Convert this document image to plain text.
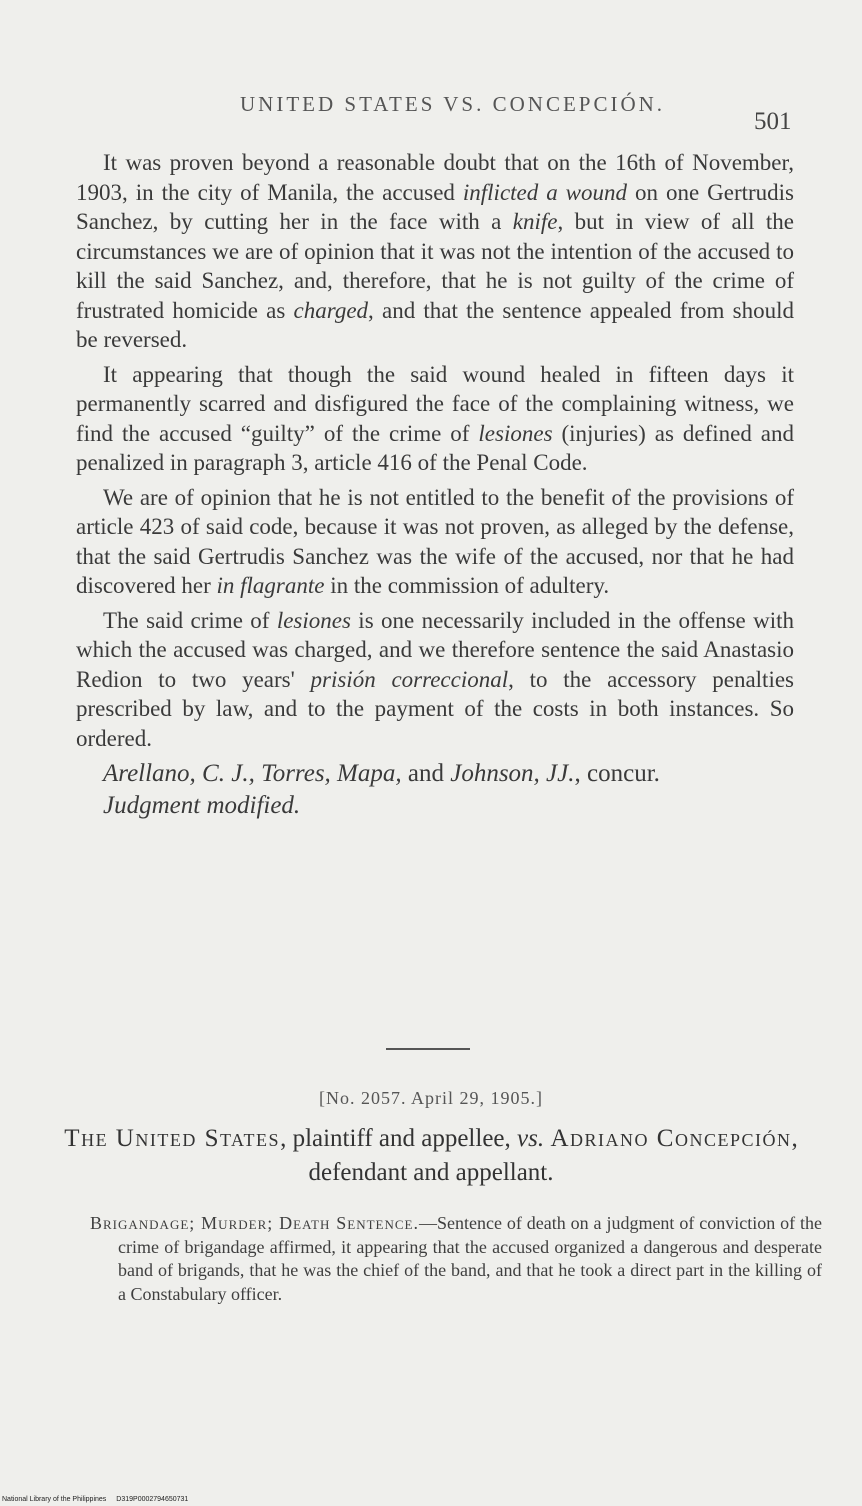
UNITED STATES VS. CONCEPCIÓN.
501

It was proven beyond a reasonable doubt that on the 16th of November, 1903, in the city of Manila, the accused inflicted a wound on one Gertrudis Sanchez, by cutting her in the face with a knife, but in view of all the circumstances we are of opinion that it was not the intention of the accused to kill the said Sanchez, and, therefore, that he is not guilty of the crime of frustrated homicide as charged, and that the sentence appealed from should be reversed.

It appearing that though the said wound healed in fifteen days it permanently scarred and disfigured the face of the complaining witness, we find the accused “guilty” of the crime of lesiones (injuries) as defined and penalized in paragraph 3, article 416 of the Penal Code.

We are of opinion that he is not entitled to the benefit of the provisions of article 423 of said code, because it was not proven, as alleged by the defense, that the said Gertrudis Sanchez was the wife of the accused, nor that he had discovered her in flagrante in the commission of adultery.

The said crime of lesiones is one necessarily included in the offense with which the accused was charged, and we therefore sentence the said Anastasio Redion to two years' prisión correccional, to the accessory penalties prescribed by law, and to the payment of the costs in both instances. So ordered.

Arellano, C. J., Torres, Mapa, and Johnson, JJ., concur.

Judgment modified.

[No. 2057. April 29, 1905.]
The United States, plaintiff and appellee, vs. Adriano Concepción, defendant and appellant.
Brigandage; Murder; Death Sentence.—Sentence of death on a judgment of conviction of the crime of brigandage affirmed, it appearing that the accused organized a dangerous and desperate band of brigands, that he was the chief of the band, and that he took a direct part in the killing of a Constabulary officer.
National Library of the Philippines D319P0002794650731
